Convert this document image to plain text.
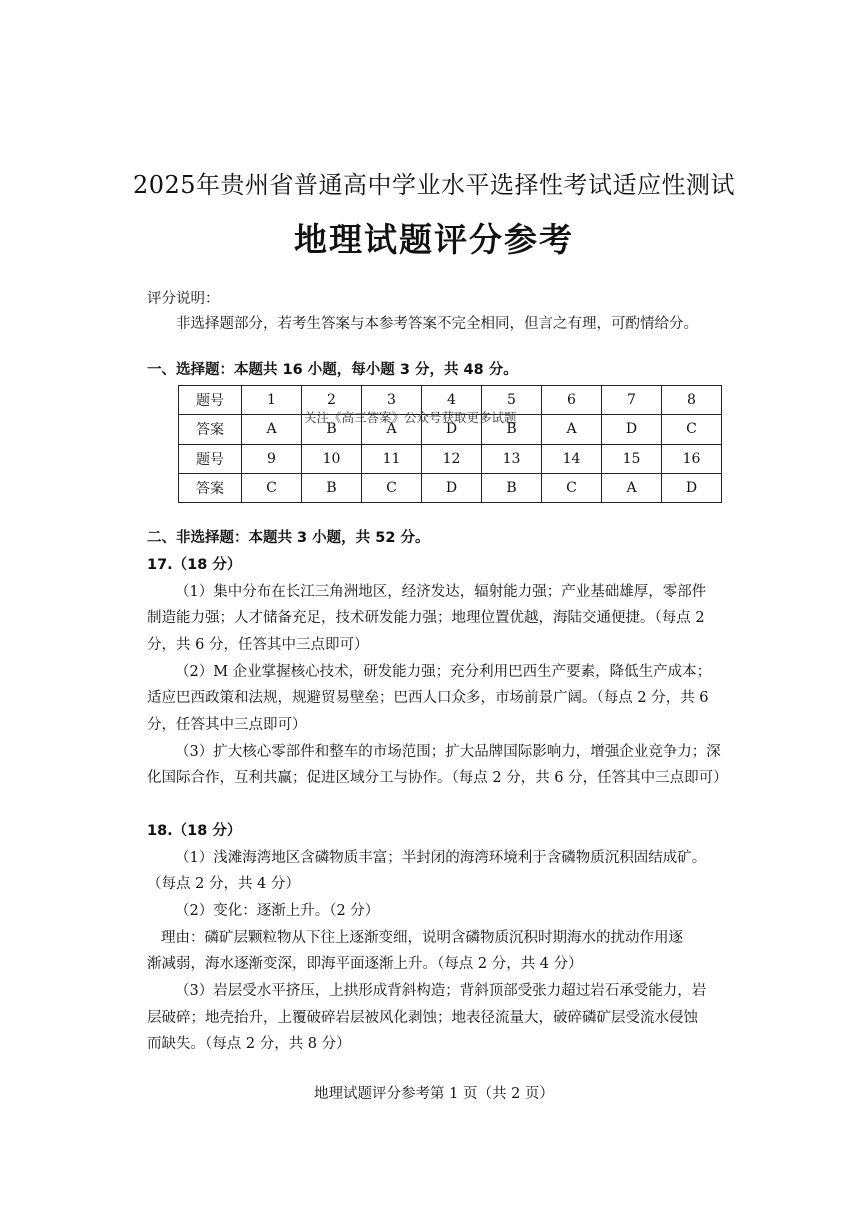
2025年贵州省普通高中学业水平选择性考试适应性测试
地理试题评分参考
评分说明：
非选择题部分，若考生答案与本参考答案不完全相同，但言之有理，可酌情给分。
一、选择题：本题共 16 小题，每小题 3 分，共 48 分。
题号	1	2	3	4	5	6	7	8
答案	A	B	A	D	B	A	D	C
题号	9	10	11	12	13	14	15	16
答案	C	B	C	D	B	C	A	D
关注《高三答案》公众号获取更多试题
二、非选择题：本题共 3 小题，共 52 分。
17.（18 分）
（1）集中分布在长江三角洲地区，经济发达，辐射能力强；产业基础雄厚，零部件
制造能力强；人才储备充足，技术研发能力强；地理位置优越，海陆交通便捷。（每点 2
分，共 6 分，任答其中三点即可）
（2）M 企业掌握核心技术，研发能力强；充分利用巴西生产要素，降低生产成本；
适应巴西政策和法规，规避贸易壁垒；巴西人口众多，市场前景广阔。（每点 2 分，共 6
分，任答其中三点即可）
（3）扩大核心零部件和整车的市场范围；扩大品牌国际影响力，增强企业竞争力；深
化国际合作，互利共赢；促进区域分工与协作。（每点 2 分，共 6 分，任答其中三点即可）
18.（18 分）
（1）浅滩海湾地区含磷物质丰富；半封闭的海湾环境利于含磷物质沉积固结成矿。
（每点 2 分，共 4 分）
（2）变化：逐渐上升。（2 分）
理由：磷矿层颗粒物从下往上逐渐变细，说明含磷物质沉积时期海水的扰动作用逐
渐减弱，海水逐渐变深，即海平面逐渐上升。（每点 2 分，共 4 分）
（3）岩层受水平挤压，上拱形成背斜构造；背斜顶部受张力超过岩石承受能力，岩
层破碎；地壳抬升，上覆破碎岩层被风化剥蚀；地表径流量大，破碎磷矿层受流水侵蚀
而缺失。（每点 2 分，共 8 分）
地理试题评分参考第 1 页（共 2 页）
